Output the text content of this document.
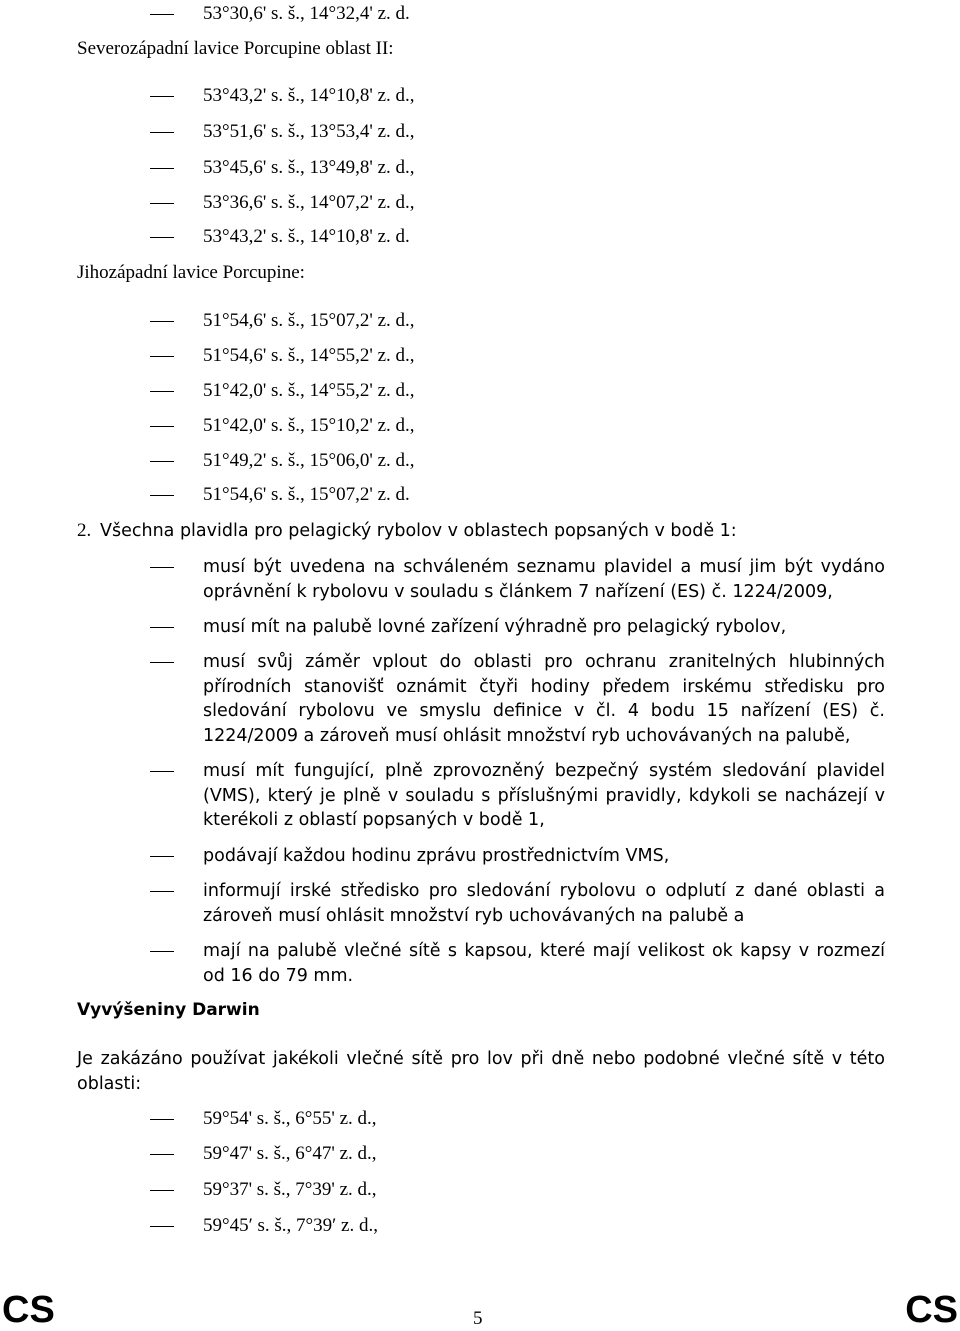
53°30,6' s. š., 14°32,4' z. d.
Severozápadní lavice Porcupine oblast II:
53°43,2' s. š., 14°10,8' z. d.,
53°51,6' s. š., 13°53,4' z. d.,
53°45,6' s. š., 13°49,8' z. d.,
53°36,6' s. š., 14°07,2' z. d.,
53°43,2' s. š., 14°10,8' z. d.
Jihozápadní lavice Porcupine:
51°54,6' s. š., 15°07,2' z. d.,
51°54,6' s. š., 14°55,2' z. d.,
51°42,0' s. š., 14°55,2' z. d.,
51°42,0' s. š., 15°10,2' z. d.,
51°49,2' s. š., 15°06,0' z. d.,
51°54,6' s. š., 15°07,2' z. d.
2. Všechna plavidla pro pelagický rybolov v oblastech popsaných v bodě 1:
musí být uvedena na schváleném seznamu plavidel a musí jim být vydáno oprávnění k rybolovu v souladu s článkem 7 nařízení (ES) č. 1224/2009,
musí mít na palubě lovné zařízení výhradně pro pelagický rybolov,
musí svůj záměr vplout do oblasti pro ochranu zranitelných hlubinných přírodních stanovišť oznámit čtyři hodiny předem irskému středisku pro sledování rybolovu ve smyslu definice v čl. 4 bodu 15 nařízení (ES) č. 1224/2009 a zároveň musí ohlásit množství ryb uchovávaných na palubě,
musí mít fungující, plně zprovozněný bezpečný systém sledování plavidel (VMS), který je plně v souladu s příslušnými pravidly, kdykoli se nacházejí v kterékoli z oblastí popsaných v bodě 1,
podávají každou hodinu zprávu prostřednictvím VMS,
informují irské středisko pro sledování rybolovu o odplutí z dané oblasti a zároveň musí ohlásit množství ryb uchovávaných na palubě a
mají na palubě vlečné sítě s kapsou, které mají velikost ok kapsy v rozmezí od 16 do 79 mm.
Vyvýšeniny Darwin
Je zakázáno používat jakékoli vlečné sítě pro lov při dně nebo podobné vlečné sítě v této oblasti:
59°54' s. š., 6°55' z. d.,
59°47' s. š., 6°47' z. d.,
59°37' s. š., 7°39' z. d.,
59°45′ s. š., 7°39′ z. d.,
CS	5	CS
